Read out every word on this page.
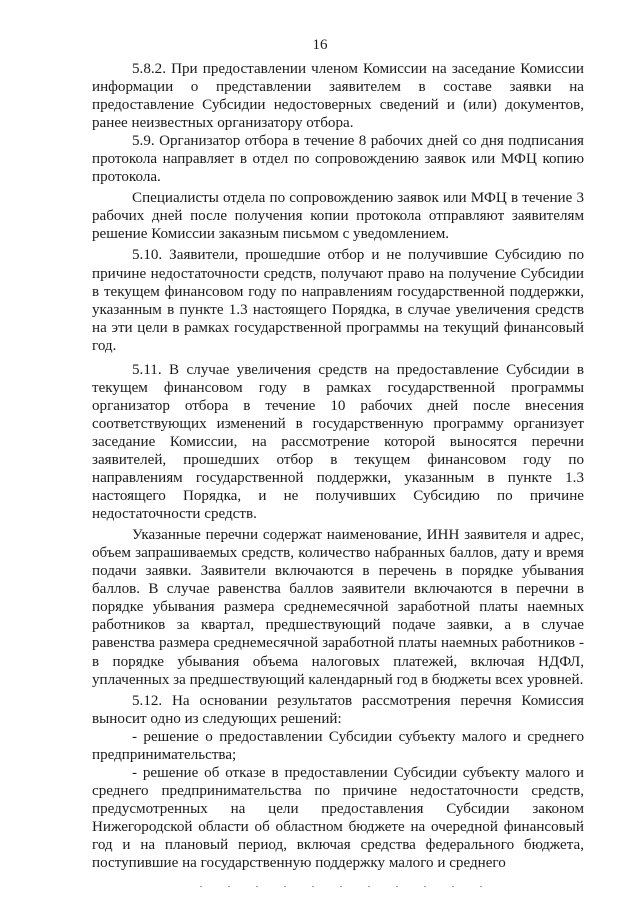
16

5.8.2. При предоставлении членом Комиссии на заседание Комиссии информации о представлении заявителем в составе заявки на предоставление Субсидии недостоверных сведений и (или) документов, ранее неизвестных организатору отбора.

5.9. Организатор отбора в течение 8 рабочих дней со дня подписания протокола направляет в отдел по сопровождению заявок или МФЦ копию протокола.

Специалисты отдела по сопровождению заявок или МФЦ в течение 3 рабочих дней после получения копии протокола отправляют заявителям решение Комиссии заказным письмом с уведомлением.

5.10. Заявители, прошедшие отбор и не получившие Субсидию по причине недостаточности средств, получают право на получение Субсидии в текущем финансовом году по направлениям государственной поддержки, указанным в пункте 1.3 настоящего Порядка, в случае увеличения средств на эти цели в рамках государственной программы на текущий финансовый год.

5.11. В случае увеличения средств на предоставление Субсидии в текущем финансовом году в рамках государственной программы организатор отбора в течение 10 рабочих дней после внесения соответствующих изменений в государственную программу организует заседание Комиссии, на рассмотрение которой выносятся перечни заявителей, прошедших отбор в текущем финансовом году по направлениям государственной поддержки, указанным в пункте 1.3 настоящего Порядка, и не получивших Субсидию по причине недостаточности средств.

Указанные перечни содержат наименование, ИНН заявителя и адрес, объем запрашиваемых средств, количество набранных баллов, дату и время подачи заявки. Заявители включаются в перечень в порядке убывания баллов. В случае равенства баллов заявители включаются в перечни в порядке убывания размера среднемесячной заработной платы наемных работников за квартал, предшествующий подаче заявки, а в случае равенства размера среднемесячной заработной платы наемных работников - в порядке убывания объема налоговых платежей, включая НДФЛ, уплаченных за предшествующий календарный год в бюджеты всех уровней.

5.12. На основании результатов рассмотрения перечня Комиссия выносит одно из следующих решений:

- решение о предоставлении Субсидии субъекту малого и среднего предпринимательства;

- решение об отказе в предоставлении Субсидии субъекту малого и среднего предпринимательства по причине недостаточности средств, предусмотренных на цели предоставления Субсидии законом Нижегородской области об областном бюджете на очередной финансовый год и на плановый период, включая средства федерального бюджета, поступившие на государственную поддержку малого и среднего
